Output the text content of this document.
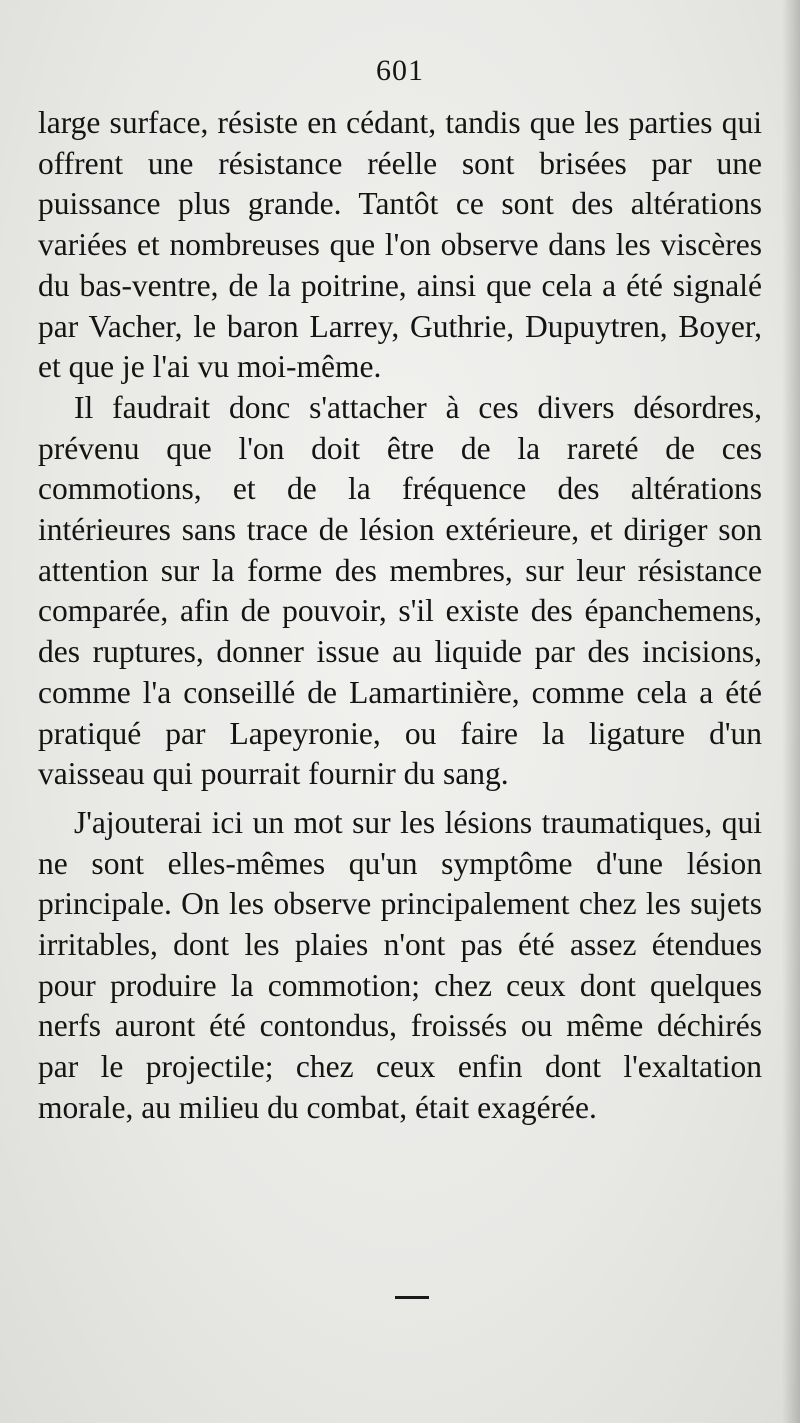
601

large surface, résiste en cédant, tandis que les parties qui offrent une résistance réelle sont brisées par une puissance plus grande. Tantôt ce sont des altérations variées et nombreuses que l'on observe dans les viscères du bas-ventre, de la poitrine, ainsi que cela a été signalé par Vacher, le baron Larrey, Guthrie, Dupuytren, Boyer, et que je l'ai vu moi-même.

Il faudrait donc s'attacher à ces divers désordres, prévenu que l'on doit être de la rareté de ces commotions, et de la fréquence des altérations intérieures sans trace de lésion extérieure, et diriger son attention sur la forme des membres, sur leur résistance comparée, afin de pouvoir, s'il existe des épanchemens, des ruptures, donner issue au liquide par des incisions, comme l'a conseillé de Lamartinière, comme cela a été pratiqué par Lapeyronie, ou faire la ligature d'un vaisseau qui pourrait fournir du sang.

J'ajouterai ici un mot sur les lésions traumatiques, qui ne sont elles-mêmes qu'un symptôme d'une lésion principale. On les observe principalement chez les sujets irritables, dont les plaies n'ont pas été assez étendues pour produire la commotion; chez ceux dont quelques nerfs auront été contondus, froissés ou même déchirés par le projectile; chez ceux enfin dont l'exaltation morale, au milieu du combat, était exagérée.
